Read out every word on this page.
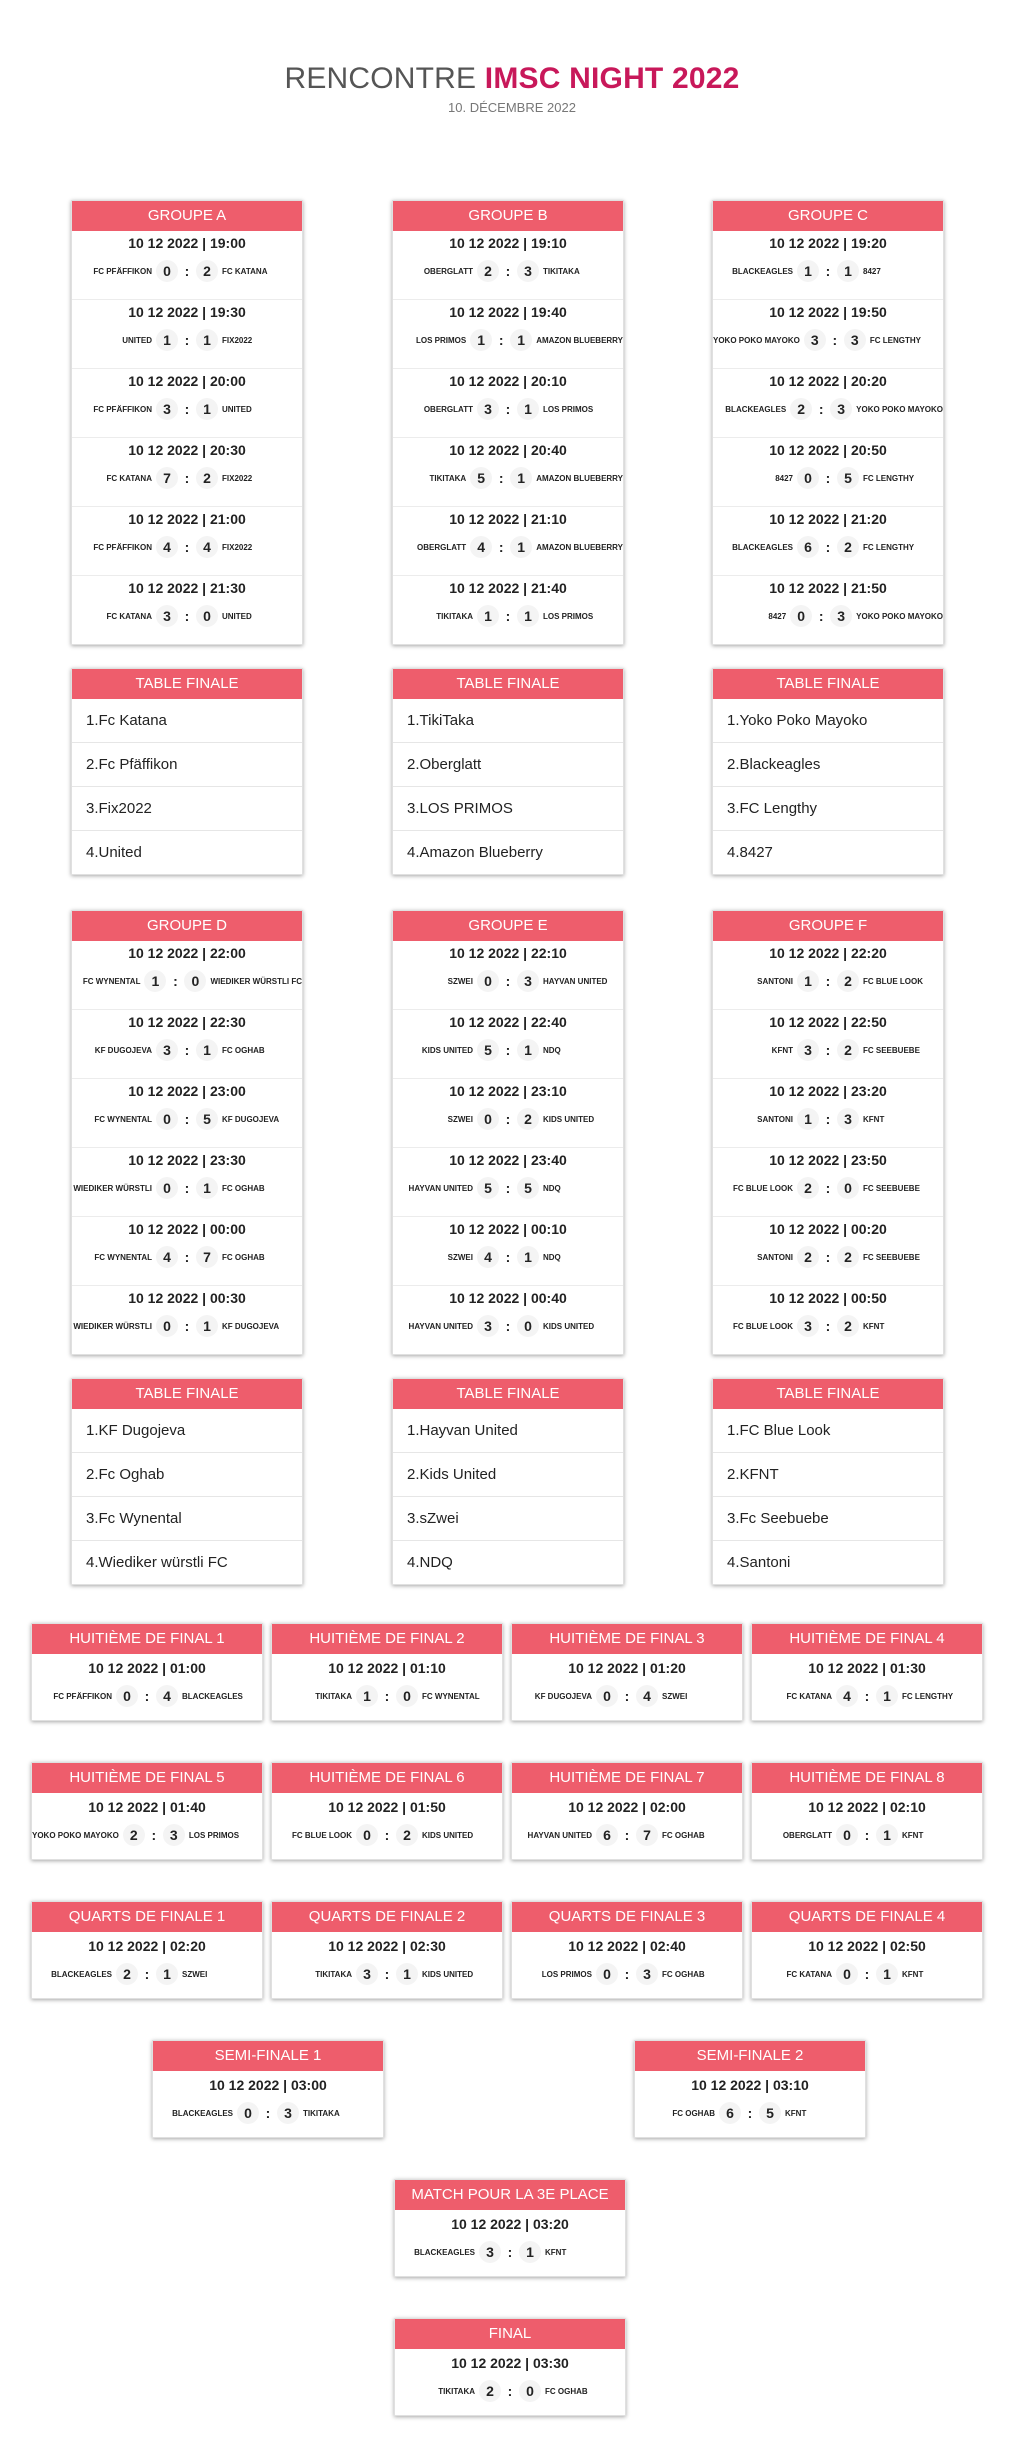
RENCONTRE IMSC NIGHT 2022
10. DÉCEMBRE 2022
GROUPE A
10 12 2022 | 19:00
FC PFÄFFIKON 0 : 2	FC KATANA
10 12 2022 | 19:30
UNITED 1 : 1	FIX2022
10 12 2022 | 20:00
FC PFÄFFIKON 3 : 1	UNITED
10 12 2022 | 20:30
FC KATANA 7 : 2	FIX2022
10 12 2022 | 21:00
FC PFÄFFIKON 4 : 4	FIX2022
10 12 2022 | 21:30
FC KATANA 3 : 0	UNITED
GROUPE B
10 12 2022 | 19:10
OBERGLATT 2 : 3	TIKITAKA
10 12 2022 | 19:40
LOS PRIMOS 1 : 1	AMAZON BLUEBERRY
10 12 2022 | 20:10
OBERGLATT 3 : 1	LOS PRIMOS
10 12 2022 | 20:40
TIKITAKA 5 : 1	AMAZON BLUEBERRY
10 12 2022 | 21:10
OBERGLATT 4 : 1	AMAZON BLUEBERRY
10 12 2022 | 21:40
TIKITAKA 1 : 1	LOS PRIMOS
GROUPE C
10 12 2022 | 19:20
BLACKEAGLES 1 : 1	8427
10 12 2022 | 19:50
YOKO POKO MAYOKO 3 : 3	FC LENGTHY
10 12 2022 | 20:20
BLACKEAGLES 2 : 3	YOKO POKO MAYOKO
10 12 2022 | 20:50
8427 0 : 5	FC LENGTHY
10 12 2022 | 21:20
BLACKEAGLES 6 : 2	FC LENGTHY
10 12 2022 | 21:50
8427 0 : 3	YOKO POKO MAYOKO
GROUPE D
10 12 2022 | 22:00
FC WYNENTAL 1 : 0	WIEDIKER WÜRSTLI FC
10 12 2022 | 22:30
KF DUGOJEVA 3 : 1	FC OGHAB
10 12 2022 | 23:00
FC WYNENTAL 0 : 5	KF DUGOJEVA
10 12 2022 | 23:30
WIEDIKER WÜRSTLI 0 : 1	FC OGHAB
10 12 2022 | 00:00
FC WYNENTAL 4 : 7	FC OGHAB
10 12 2022 | 00:30
WIEDIKER WÜRSTLI 0 : 1	KF DUGOJEVA
GROUPE E
10 12 2022 | 22:10
SZWEI 0 : 3	HAYVAN UNITED
10 12 2022 | 22:40
KIDS UNITED 5 : 1	NDQ
10 12 2022 | 23:10
SZWEI 0 : 2	KIDS UNITED
10 12 2022 | 23:40
HAYVAN UNITED 5 : 5	NDQ
10 12 2022 | 00:10
SZWEI 4 : 1	NDQ
10 12 2022 | 00:40
HAYVAN UNITED 3 : 0	KIDS UNITED
GROUPE F
10 12 2022 | 22:20
SANTONI 1 : 2	FC BLUE LOOK
10 12 2022 | 22:50
KFNT 3 : 2	FC SEEBUEBE
10 12 2022 | 23:20
SANTONI 1 : 3	KFNT
10 12 2022 | 23:50
FC BLUE LOOK 2 : 0	FC SEEBUEBE
10 12 2022 | 00:20
SANTONI 2 : 2	FC SEEBUEBE
10 12 2022 | 00:50
FC BLUE LOOK 3 : 2	KFNT
TABLE FINALE
1.Fc Katana
2.Fc Pfäffikon
3.Fix2022
4.United
TABLE FINALE
1.TikiTaka
2.Oberglatt
3.LOS PRIMOS
4.Amazon Blueberry
TABLE FINALE
1.Yoko Poko Mayoko
2.Blackeagles
3.FC Lengthy
4.8427
TABLE FINALE
1.KF Dugojeva
2.Fc Oghab
3.Fc Wynental
4.Wiediker würstli FC
TABLE FINALE
1.Hayvan United
2.Kids United
3.sZwei
4.NDQ
TABLE FINALE
1.FC Blue Look
2.KFNT
3.Fc Seebuebe
4.Santoni
HUITIÈME DE FINAL 1
10 12 2022 | 01:00
FC PFÄFFIKON 0 : 4	BLACKEAGLES
HUITIÈME DE FINAL 2
10 12 2022 | 01:10
TIKITAKA 1 : 0	FC WYNENTAL
HUITIÈME DE FINAL 3
10 12 2022 | 01:20
KF DUGOJEVA 0 : 4	SZWEI
HUITIÈME DE FINAL 4
10 12 2022 | 01:30
FC KATANA 4 : 1	FC LENGTHY
HUITIÈME DE FINAL 5
10 12 2022 | 01:40
YOKO POKO MAYOKO 2 : 3	LOS PRIMOS
HUITIÈME DE FINAL 6
10 12 2022 | 01:50
FC BLUE LOOK 0 : 2	KIDS UNITED
HUITIÈME DE FINAL 7
10 12 2022 | 02:00
HAYVAN UNITED 6 : 7	FC OGHAB
HUITIÈME DE FINAL 8
10 12 2022 | 02:10
OBERGLATT 0 : 1	KFNT
QUARTS DE FINALE 1
10 12 2022 | 02:20
BLACKEAGLES 2 : 1	SZWEI
QUARTS DE FINALE 2
10 12 2022 | 02:30
TIKITAKA 3 : 1	KIDS UNITED
QUARTS DE FINALE 3
10 12 2022 | 02:40
LOS PRIMOS 0 : 3	FC OGHAB
QUARTS DE FINALE 4
10 12 2022 | 02:50
FC KATANA 0 : 1	KFNT
SEMI-FINALE 1
10 12 2022 | 03:00
BLACKEAGLES 0 : 3	TIKITAKA
SEMI-FINALE 2
10 12 2022 | 03:10
FC OGHAB 6 : 5	KFNT
MATCH POUR LA 3E PLACE
10 12 2022 | 03:20
BLACKEAGLES 3 : 1	KFNT
FINAL
10 12 2022 | 03:30
TIKITAKA 2 : 0	FC OGHAB
